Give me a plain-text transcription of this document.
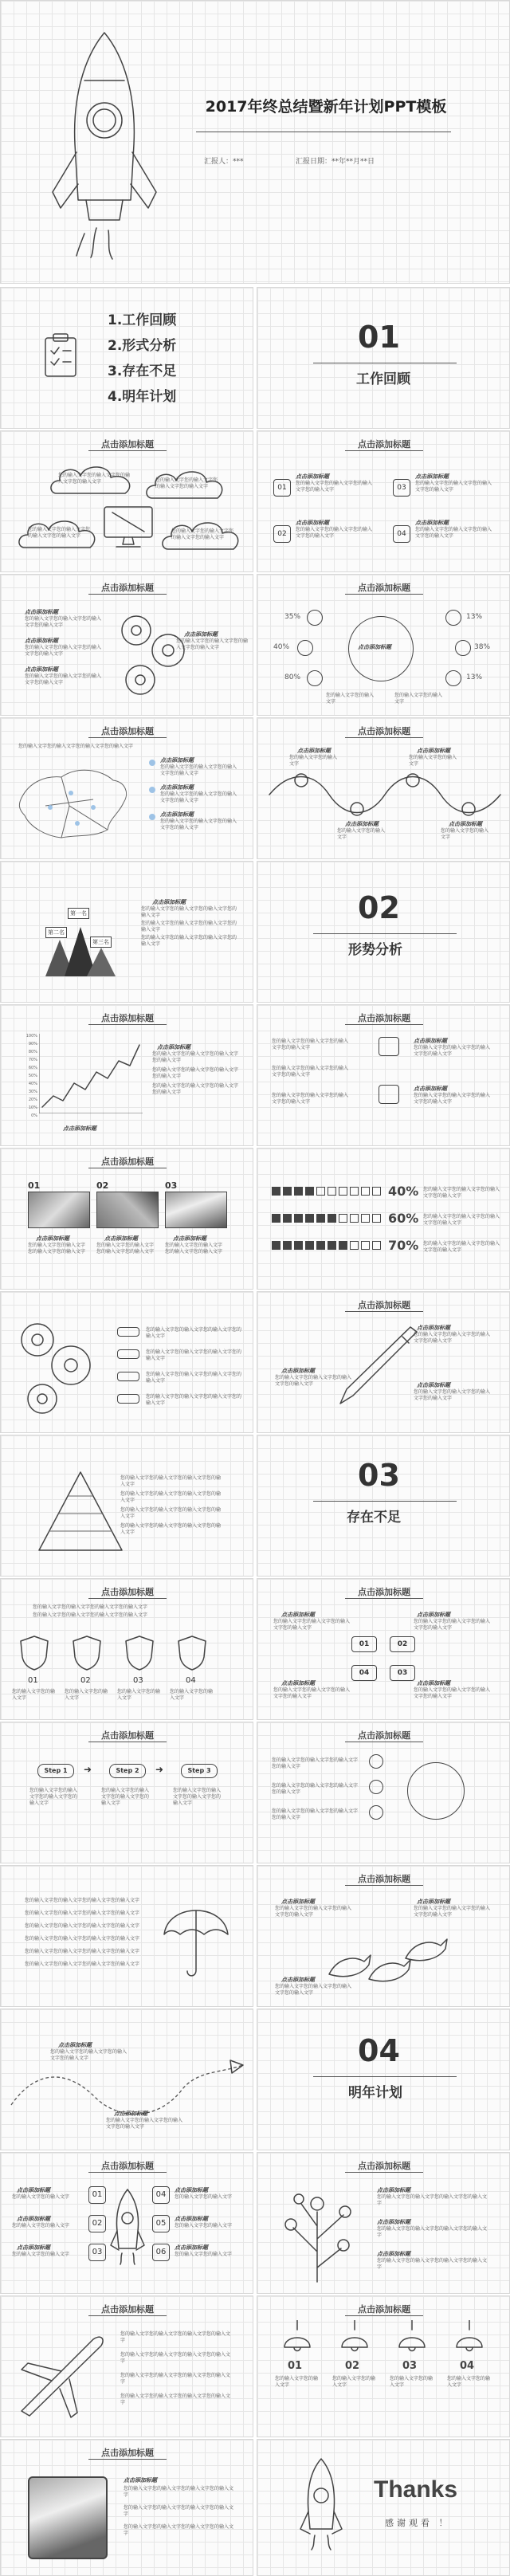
2017年终总结暨新年计划PPT模板
汇报人：***	汇报日期：**年**月**日
1.工作回顾
2.形式分析
3.存在不足
4.明年计划
01
工作回顾
点击添加标题
您的输入文字您的输入文字您的输入文字您的输入文字	您的输入文字您的输入文字您的输入文字您的输入文字
您的输入文字您的输入文字您的输入文字您的输入文字
您的输入文字您的输入文字您的输入文字您的输入文字
点击添加标题
01
点击添加标题
您的输入文字您的输入文字您的输入文字您的输入文字	03
点击添加标题
您的输入文字您的输入文字您的输入文字您的输入文字
02
点击添加标题
您的输入文字您的输入文字您的输入文字您的输入文字	04
点击添加标题
您的输入文字您的输入文字您的输入文字您的输入文字
点击添加标题
点击添加标题
您的输入文字您的输入文字您的输入文字您的输入文字
点击添加标题
您的输入文字您的输入文字您的输入文字您的输入文字
点击添加标题
您的输入文字您的输入文字您的输入文字您的输入文字
点击添加标题
您的输入文字您的输入文字您的输入文字您的输入文字
点击添加标题
35%
40%
80%
13%
38%
13%
点击添加标题
您的输入文字您的输入文字
您的输入文字您的输入文字
点击添加标题
您的输入文字您的输入文字您的输入文字您的输入文字
点击添加标题
您的输入文字您的输入文字您的输入文字您的输入文字
点击添加标题
您的输入文字您的输入文字您的输入文字您的输入文字
点击添加标题
您的输入文字您的输入文字您的输入文字您的输入文字
点击添加标题
点击添加标题
您的输入文字您的输入文字
点击添加标题
您的输入文字您的输入文字
点击添加标题
您的输入文字您的输入文字
点击添加标题
您的输入文字您的输入文字
点击添加标题
您的输入文字您的输入文字您的输入文字您的输入文字
您的输入文字您的输入文字您的输入文字您的输入文字
您的输入文字您的输入文字您的输入文字您的输入文字
第一名
第二名
第三名
02
形势分析
点击添加标题
100%
90%
80%
70%
60%
50%
40%
30%
20%
10%
0%
点击添加标题
点击添加标题
您的输入文字您的输入文字您的输入文字您的输入文字
您的输入文字您的输入文字您的输入文字您的输入文字
您的输入文字您的输入文字您的输入文字您的输入文字
点击添加标题
您的输入文字您的输入文字您的输入文字您的输入文字
您的输入文字您的输入文字您的输入文字您的输入文字
您的输入文字您的输入文字您的输入文字您的输入文字
点击添加标题
您的输入文字您的输入文字您的输入文字您的输入文字
点击添加标题
您的输入文字您的输入文字您的输入文字您的输入文字
点击添加标题
01	02	03
点击添加标题
您的输入文字您的输入文字您的输入文字您的输入文字
点击添加标题
您的输入文字您的输入文字您的输入文字您的输入文字
点击添加标题
您的输入文字您的输入文字您的输入文字您的输入文字
40% 您的输入文字您的输入文字您的输入文字您的输入文字
60% 您的输入文字您的输入文字您的输入文字您的输入文字
70% 您的输入文字您的输入文字您的输入文字您的输入文字
您的输入文字您的输入文字您的输入文字您的输入文字
您的输入文字您的输入文字您的输入文字您的输入文字
您的输入文字您的输入文字您的输入文字您的输入文字
您的输入文字您的输入文字您的输入文字您的输入文字
点击添加标题
点击添加标题
您的输入文字您的输入文字您的输入文字您的输入文字
点击添加标题
您的输入文字您的输入文字您的输入文字您的输入文字	点击添加标题
您的输入文字您的输入文字您的输入文字您的输入文字
您的输入文字您的输入文字您的输入文字您的输入文字
您的输入文字您的输入文字您的输入文字您的输入文字
您的输入文字您的输入文字您的输入文字您的输入文字
您的输入文字您的输入文字您的输入文字您的输入文字
03
存在不足
点击添加标题
您的输入文字您的输入文字您的输入文字您的输入文字
您的输入文字您的输入文字您的输入文字您的输入文字
01	02	03	04
您的输入文字您的输入文字
您的输入文字您的输入文字
您的输入文字您的输入文字
您的输入文字您的输入文字
点击添加标题
点击添加标题
您的输入文字您的输入文字您的输入文字您的输入文字
点击添加标题
您的输入文字您的输入文字您的输入文字您的输入文字
01	02
04	03
点击添加标题
您的输入文字您的输入文字您的输入文字您的输入文字
点击添加标题
您的输入文字您的输入文字您的输入文字您的输入文字
点击添加标题
Step 1	Step 2	Step 3
➜	➜
您的输入文字您的输入文字您的输入文字您的输入文字
您的输入文字您的输入文字您的输入文字您的输入文字
您的输入文字您的输入文字您的输入文字您的输入文字
点击添加标题
您的输入文字您的输入文字您的输入文字您的输入文字
您的输入文字您的输入文字您的输入文字您的输入文字
您的输入文字您的输入文字您的输入文字您的输入文字
您的输入文字您的输入文字您的输入文字您的输入文字
您的输入文字您的输入文字您的输入文字您的输入文字
您的输入文字您的输入文字您的输入文字您的输入文字
您的输入文字您的输入文字您的输入文字您的输入文字
您的输入文字您的输入文字您的输入文字您的输入文字
您的输入文字您的输入文字您的输入文字您的输入文字
点击添加标题
点击添加标题
您的输入文字您的输入文字您的输入文字您的输入文字
点击添加标题
您的输入文字您的输入文字您的输入文字您的输入文字
点击添加标题
您的输入文字您的输入文字您的输入文字您的输入文字
点击添加标题
您的输入文字您的输入文字您的输入文字您的输入文字
点击添加标题
您的输入文字您的输入文字您的输入文字您的输入文字
04
明年计划
点击添加标题
01
点击添加标题
您的输入文字您的输入文字
02
点击添加标题
您的输入文字您的输入文字
03
点击添加标题
您的输入文字您的输入文字
04	点击添加标题
您的输入文字您的输入文字
05	点击添加标题
您的输入文字您的输入文字
06	点击添加标题
您的输入文字您的输入文字
点击添加标题
点击添加标题
您的输入文字您的输入文字您的输入文字您的输入文字
点击添加标题
您的输入文字您的输入文字您的输入文字您的输入文字
点击添加标题
您的输入文字您的输入文字您的输入文字您的输入文字
点击添加标题
您的输入文字您的输入文字您的输入文字您的输入文字
您的输入文字您的输入文字您的输入文字您的输入文字
您的输入文字您的输入文字您的输入文字您的输入文字
您的输入文字您的输入文字您的输入文字您的输入文字
点击添加标题
01
您的输入文字您的输入文字
02
您的输入文字您的输入文字
03
您的输入文字您的输入文字
04
您的输入文字您的输入文字
点击添加标题
点击添加标题
您的输入文字您的输入文字您的输入文字您的输入文字
您的输入文字您的输入文字您的输入文字您的输入文字
您的输入文字您的输入文字您的输入文字您的输入文字
Thanks
感谢观看 ！
